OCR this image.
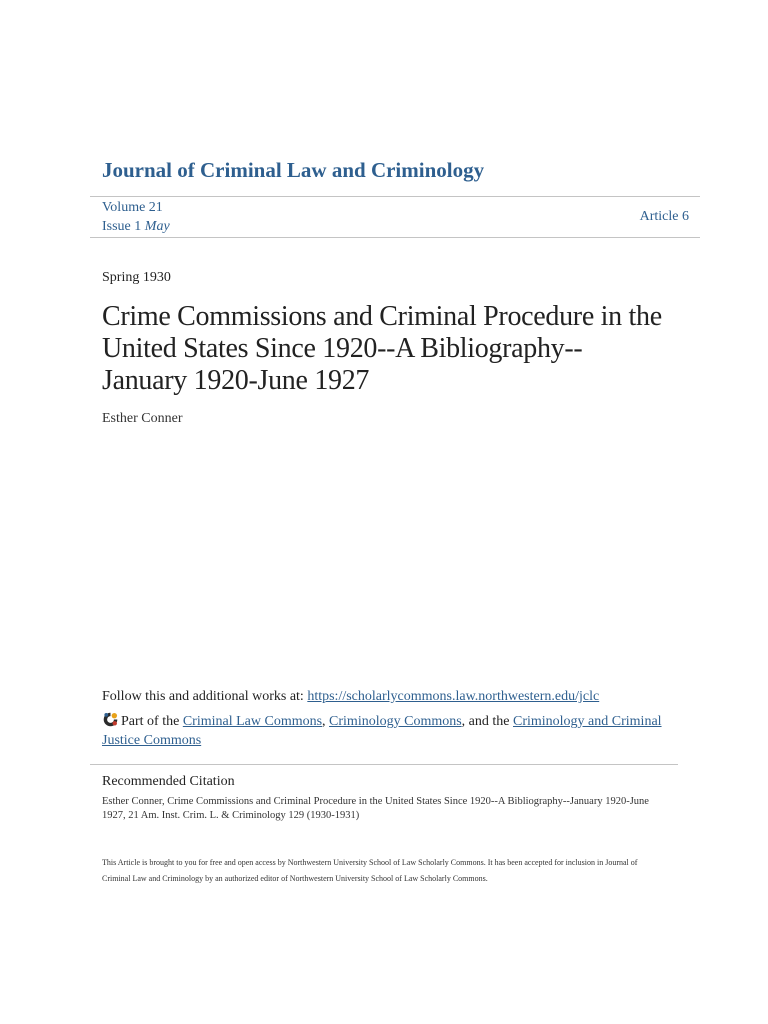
Journal of Criminal Law and Criminology
Volume 21
Issue 1 May
Article 6
Spring 1930
Crime Commissions and Criminal Procedure in the United States Since 1920--A Bibliography--January 1920-June 1927
Esther Conner
Follow this and additional works at: https://scholarlycommons.law.northwestern.edu/jclc
Part of the Criminal Law Commons, Criminology Commons, and the Criminology and Criminal Justice Commons
Recommended Citation
Esther Conner, Crime Commissions and Criminal Procedure in the United States Since 1920--A Bibliography--January 1920-June 1927, 21 Am. Inst. Crim. L. & Criminology 129 (1930-1931)
This Article is brought to you for free and open access by Northwestern University School of Law Scholarly Commons. It has been accepted for inclusion in Journal of Criminal Law and Criminology by an authorized editor of Northwestern University School of Law Scholarly Commons.
